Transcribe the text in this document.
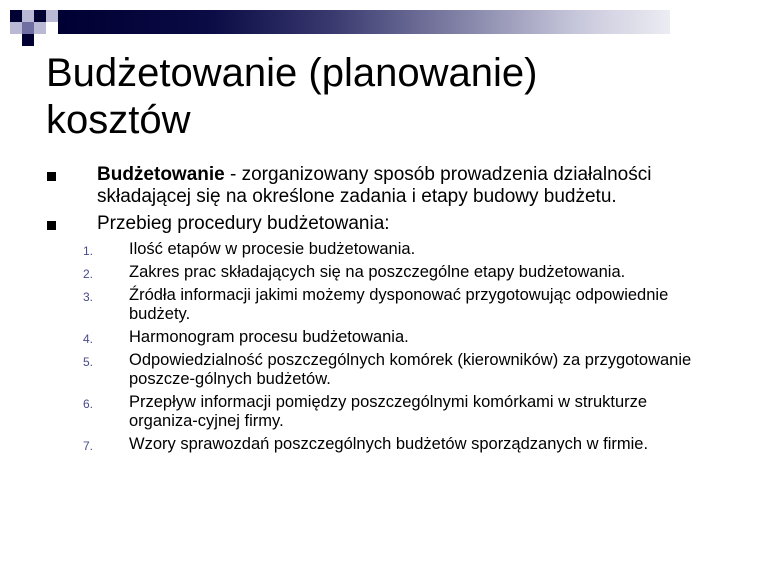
Budżetowanie (planowanie)
kosztów
Budżetowanie - zorganizowany sposób prowadzenia działalności składającej się na określone zadania i etapy budowy budżetu.
Przebieg procedury budżetowania:
1. Ilość etapów w procesie budżetowania.
2. Zakres prac składających się na poszczególne etapy budżetowania.
3. Źródła informacji jakimi możemy dysponować przygotowując odpowiednie budżety.
4. Harmonogram procesu budżetowania.
5. Odpowiedzialność poszczególnych komórek (kierowników) za przygotowanie poszcze-gólnych budżetów.
6. Przepływ informacji pomiędzy poszczególnymi komórkami w strukturze organiza-cyjnej firmy.
7. Wzory sprawozdań poszczególnych budżetów sporządzanych w firmie.
